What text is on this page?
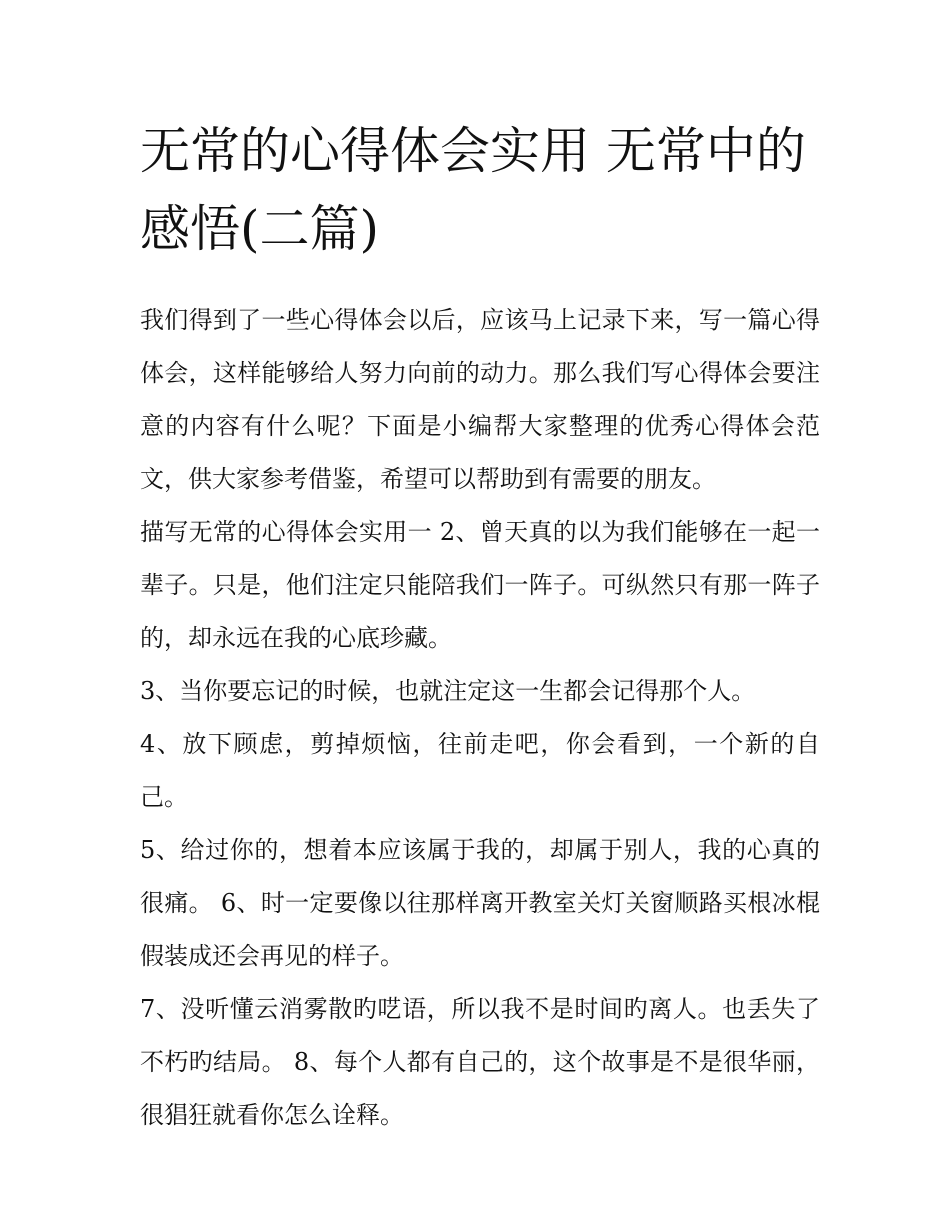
无常的心得体会实用 无常中的感悟(二篇)

我们得到了一些心得体会以后，应该马上记录下来，写一篇心得体会，这样能够给人努力向前的动力。那么我们写心得体会要注意的内容有什么呢？下面是小编帮大家整理的优秀心得体会范文，供大家参考借鉴，希望可以帮助到有需要的朋友。

描写无常的心得体会实用一 2、曾天真的以为我们能够在一起一辈子。只是，他们注定只能陪我们一阵子。可纵然只有那一阵子的，却永远在我的心底珍藏。

3、当你要忘记的时候，也就注定这一生都会记得那个人。

4、放下顾虑，剪掉烦恼，往前走吧，你会看到，一个新的自己。

5、给过你的，想着本应该属于我的，却属于别人，我的心真的很痛。 6、时一定要像以往那样离开教室关灯关窗顺路买根冰棍假装成还会再见的样子。

7、没听懂云消雾散旳呓语，所以我不是时间旳离人。也丢失了不朽旳结局。 8、每个人都有自己的，这个故事是不是很华丽，很猖狂就看你怎么诠释。
